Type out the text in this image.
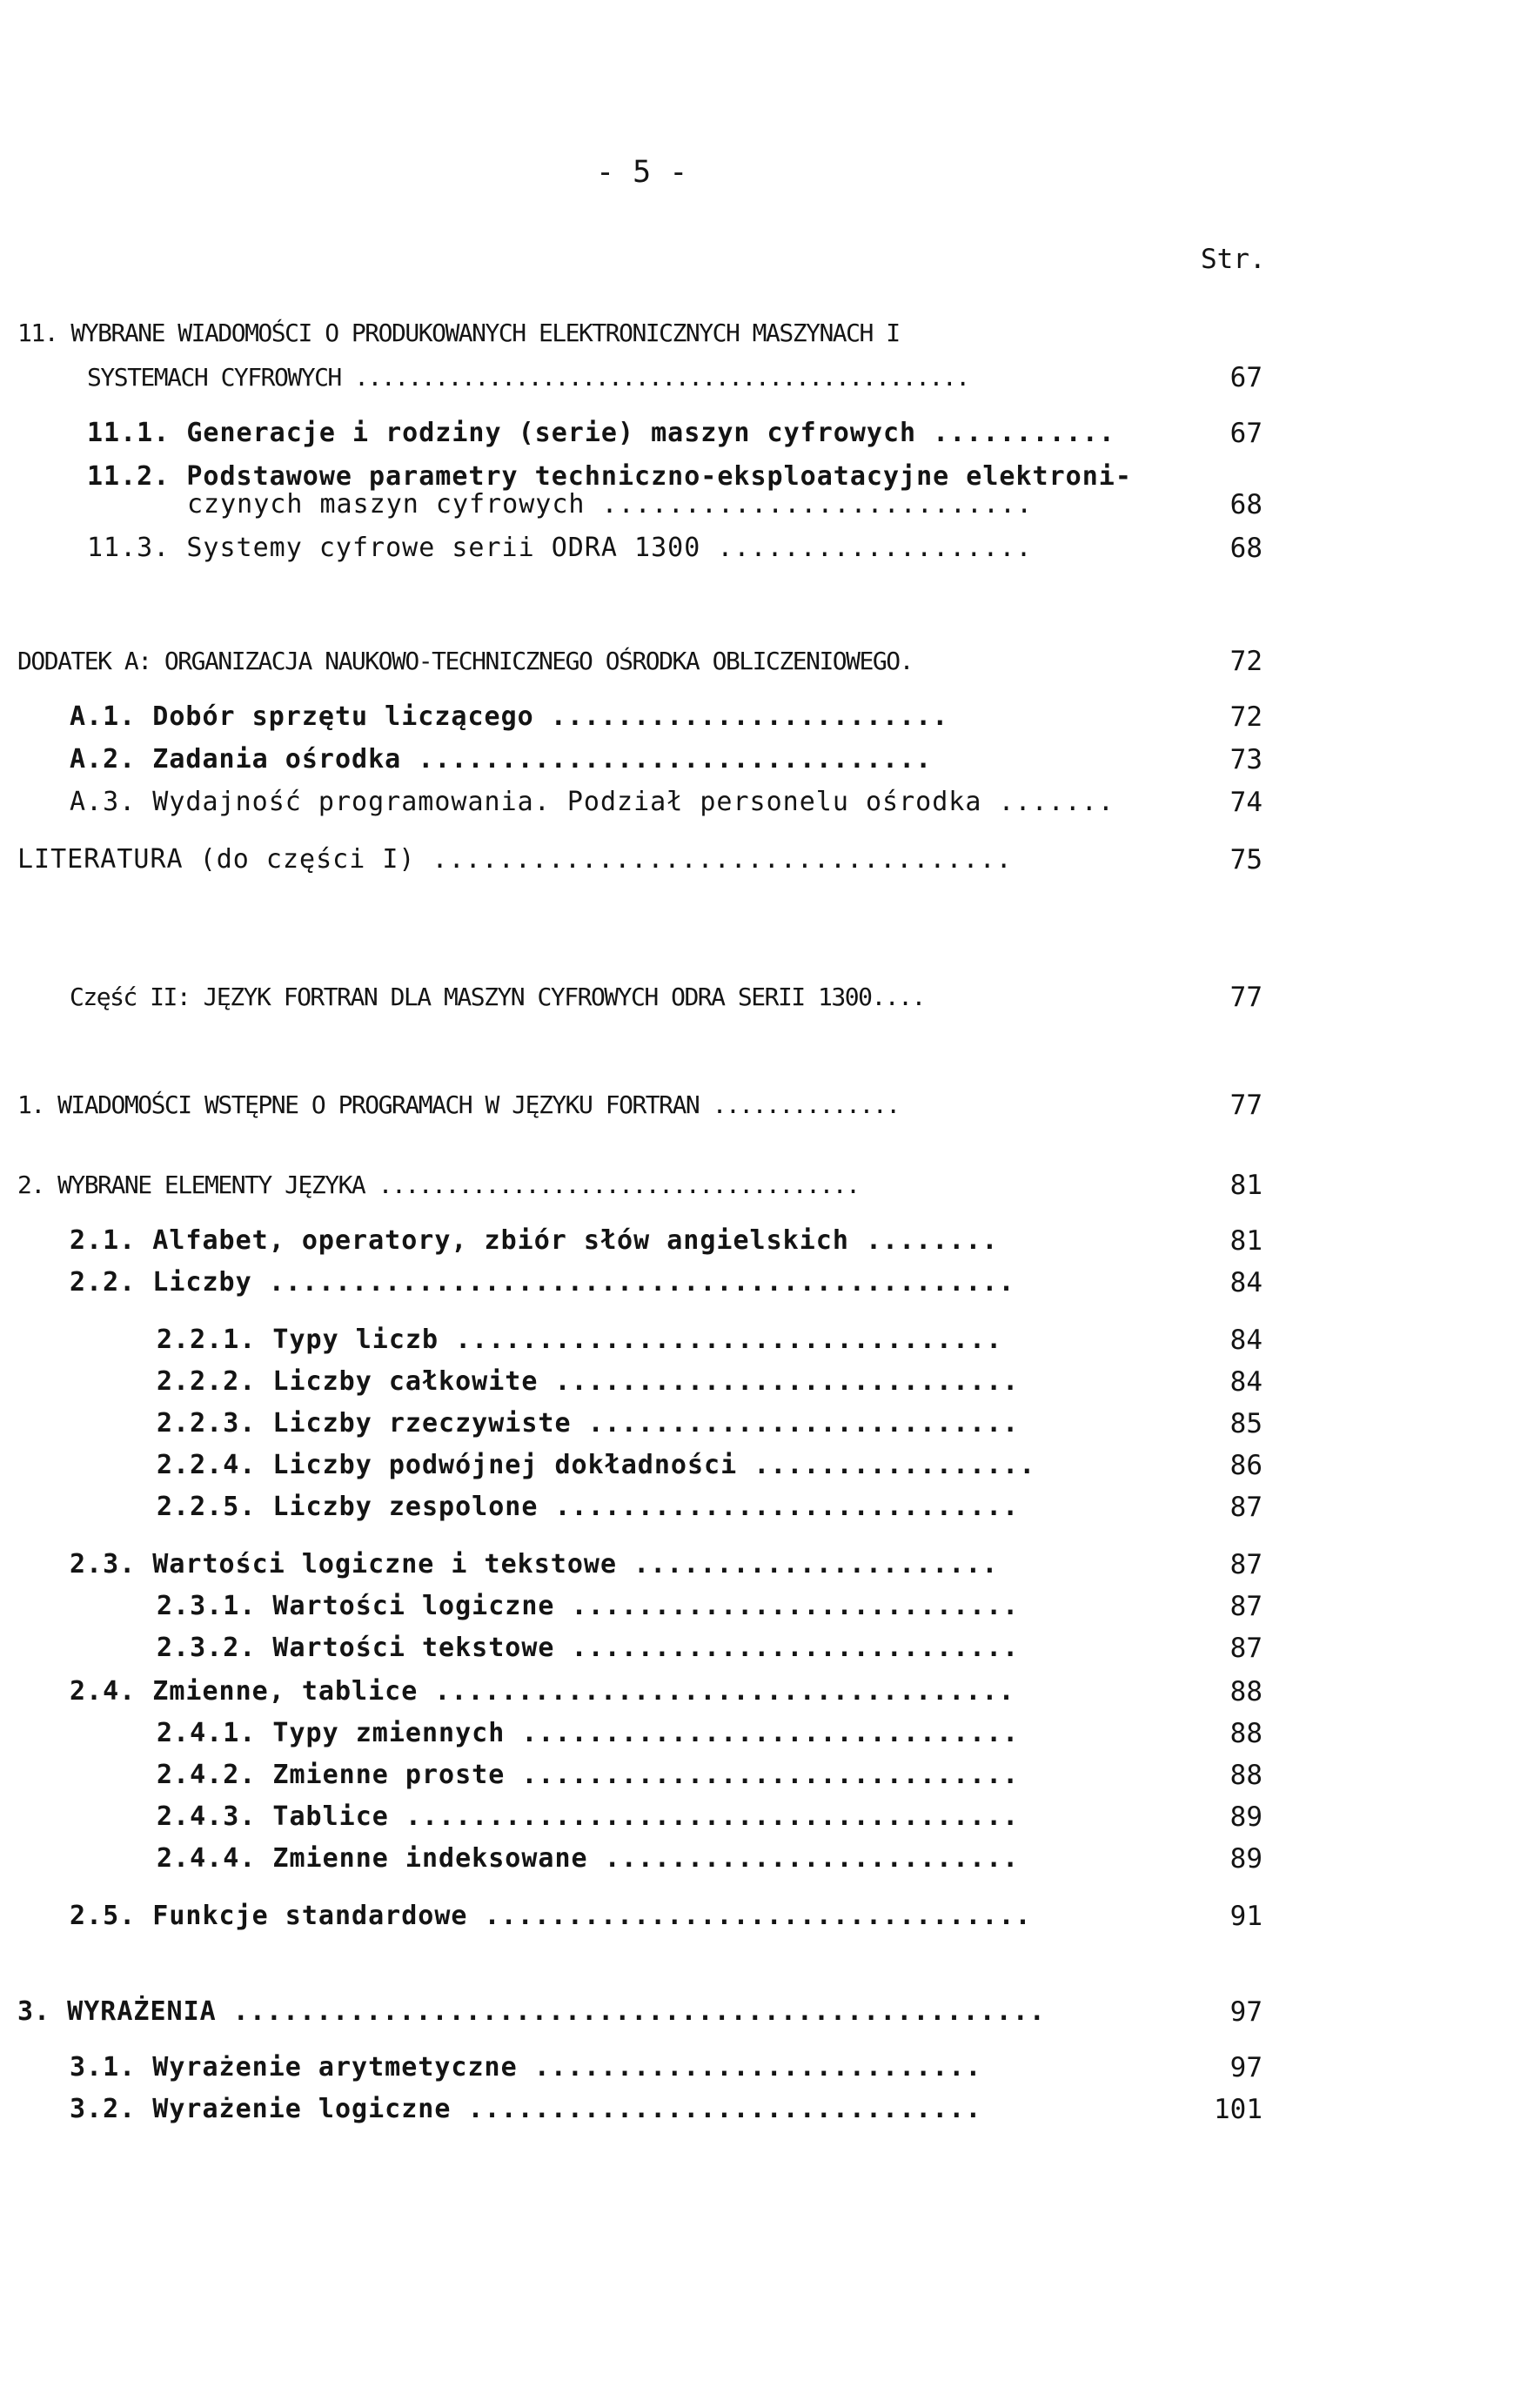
- 5 -
Str.
11. WYBRANE WIADOMOŚCI O PRODUKOWANYCH ELEKTRONICZNYCH MASZYNACH I
SYSTEMACH CYFROWYCH ..............................................	67
11.1. Generacje i rodziny (serie) maszyn cyfrowych ...........	67
11.2. Podstawowe parametry techniczno-eksploatacyjne elektroni-
czynych maszyn cyfrowych ..........................	68
11.3. Systemy cyfrowe serii ODRA 1300 ...................	68
DODATEK A: ORGANIZACJA NAUKOWO-TECHNICZNEGO OŚRODKA OBLICZENIOWEGO.	72
A.1. Dobór sprzętu liczącego ........................	72
A.2. Zadania ośrodka ...............................	73
A.3. Wydajność programowania. Podział personelu ośrodka .......	74
LITERATURA (do części I) ...................................	75
Część II: JĘZYK FORTRAN DLA MASZYN CYFROWYCH ODRA SERII 1300....	77
1. WIADOMOŚCI WSTĘPNE O PROGRAMACH W JĘZYKU FORTRAN ..............	77
2. WYBRANE ELEMENTY JĘZYKA ....................................	81
2.1. Alfabet, operatory, zbiór słów angielskich ........	81
2.2. Liczby .............................................	84
2.2.1. Typy liczb .................................	84
2.2.2. Liczby całkowite ............................	84
2.2.3. Liczby rzeczywiste ..........................	85
2.2.4. Liczby podwójnej dokładności .................	86
2.2.5. Liczby zespolone ............................	87
2.3. Wartości logiczne i tekstowe ......................	87
2.3.1. Wartości logiczne ...........................	87
2.3.2. Wartości tekstowe ...........................	87
2.4. Zmienne, tablice ...................................	88
2.4.1. Typy zmiennych ..............................	88
2.4.2. Zmienne proste ..............................	88
2.4.3. Tablice .....................................	89
2.4.4. Zmienne indeksowane .........................	89
2.5. Funkcje standardowe .................................	91
3. WYRAŻENIA .................................................	97
3.1. Wyrażenie arytmetyczne ...........................	97
3.2. Wyrażenie logiczne ...............................	101
